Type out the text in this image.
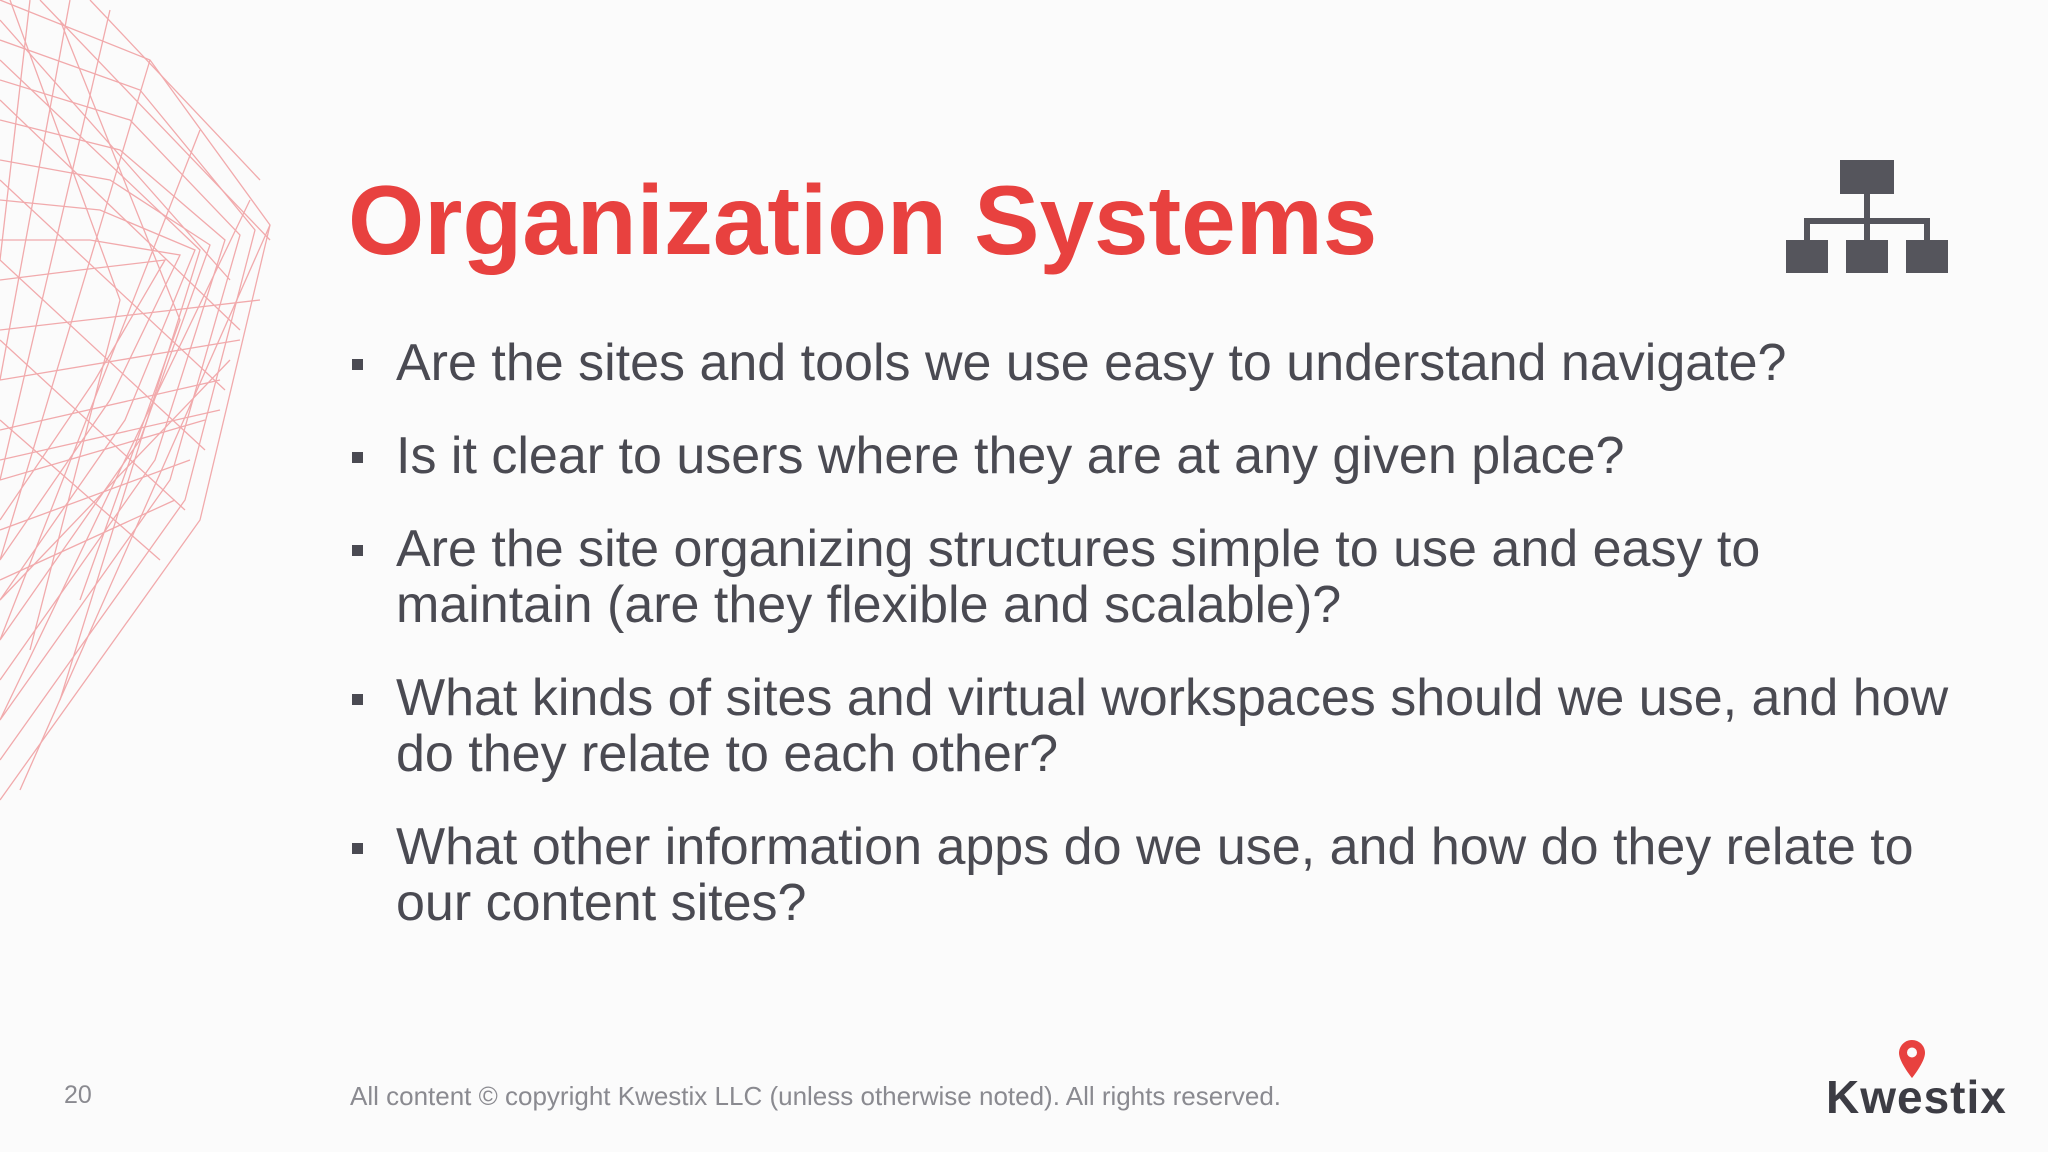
Organization Systems
Are the sites and tools we use easy to understand navigate?
Is it clear to users where they are at any given place?
Are the site organizing structures simple to use and easy to maintain (are they flexible and scalable)?
What kinds of sites and virtual workspaces should we use, and how do they relate to each other?
What other information apps do we use, and how do they relate to our content sites?
20	All content © copyright Kwestix LLC (unless otherwise noted). All rights reserved.	Kwestix
